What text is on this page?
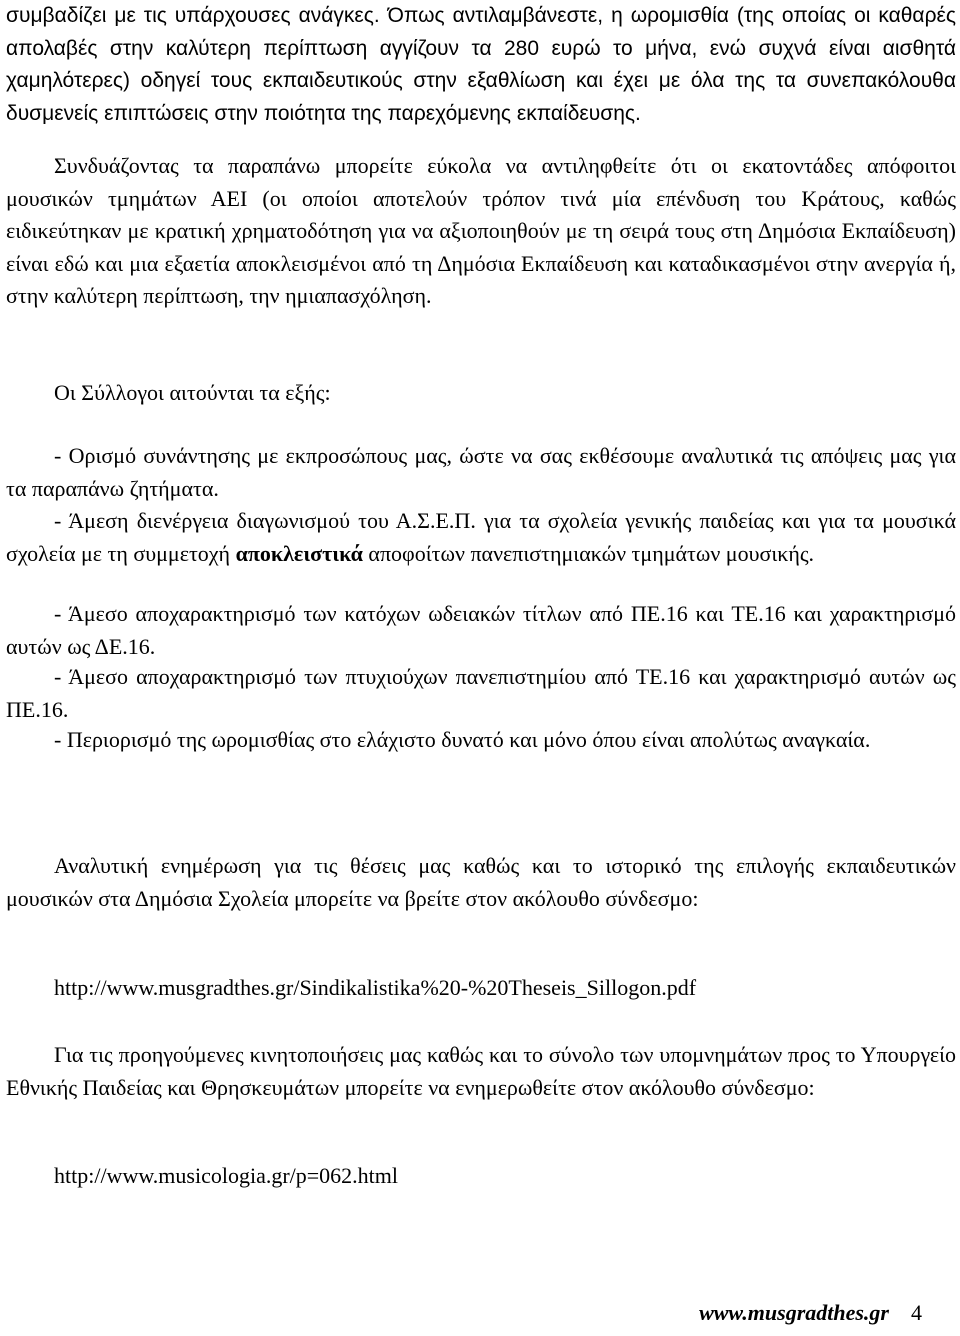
συμβαδίζει με τις υπάρχουσες ανάγκες. Όπως αντιλαμβάνεστε, η ωρομισθία (της οποίας οι καθαρές απολαβές στην καλύτερη περίπτωση αγγίζουν τα 280 ευρώ το μήνα, ενώ συχνά είναι αισθητά χαμηλότερες) οδηγεί τους εκπαιδευτικούς στην εξαθλίωση και έχει με όλα της τα συνεπακόλουθα δυσμενείς επιπτώσεις στην ποιότητα της παρεχόμενης εκπαίδευσης.

Συνδυάζοντας τα παραπάνω μπορείτε εύκολα να αντιληφθείτε ότι οι εκατοντάδες απόφοιτοι μουσικών τμημάτων ΑΕΙ (οι οποίοι αποτελούν τρόπον τινά μία επένδυση του Κράτους, καθώς ειδικεύτηκαν με κρατική χρηματοδότηση για να αξιοποιηθούν με τη σειρά τους στη Δημόσια Εκπαίδευση) είναι εδώ και μια εξαετία αποκλεισμένοι από τη Δημόσια Εκπαίδευση και καταδικασμένοι στην ανεργία ή, στην καλύτερη περίπτωση, την ημιαπασχόληση.

Οι Σύλλογοι αιτούνται τα εξής:

- Ορισμό συνάντησης με εκπροσώπους μας, ώστε να σας εκθέσουμε αναλυτικά τις απόψεις μας για τα παραπάνω ζητήματα.

- Άμεση διενέργεια διαγωνισμού του Α.Σ.Ε.Π. για τα σχολεία γενικής παιδείας και για τα μουσικά σχολεία με τη συμμετοχή αποκλειστικά αποφοίτων πανεπιστημιακών τμημάτων μουσικής.

- Άμεσο αποχαρακτηρισμό των κατόχων ωδειακών τίτλων από ΠΕ.16 και ΤΕ.16 και χαρακτηρισμό αυτών ως ΔΕ.16.

- Άμεσο αποχαρακτηρισμό των πτυχιούχων πανεπιστημίου από ΤΕ.16 και χαρακτηρισμό αυτών ως ΠΕ.16.

- Περιορισμό της ωρομισθίας στο ελάχιστο δυνατό και μόνο όπου είναι απολύτως αναγκαία.

Αναλυτική ενημέρωση για τις θέσεις μας καθώς και το ιστορικό της επιλογής εκπαιδευτικών μουσικών στα Δημόσια Σχολεία μπορείτε να βρείτε στον ακόλουθο σύνδεσμο:

http://www.musgradthes.gr/Sindikalistika%20-%20Theseis_Sillogon.pdf

Για τις προηγούμενες κινητοποιήσεις μας καθώς και το σύνολο των υπομνημάτων προς το Υπουργείο Εθνικής Παιδείας και Θρησκευμάτων μπορείτε να ενημερωθείτε στον ακόλουθο σύνδεσμο:

http://www.musicologia.gr/p=062.html
www.musgradthes.gr 4
